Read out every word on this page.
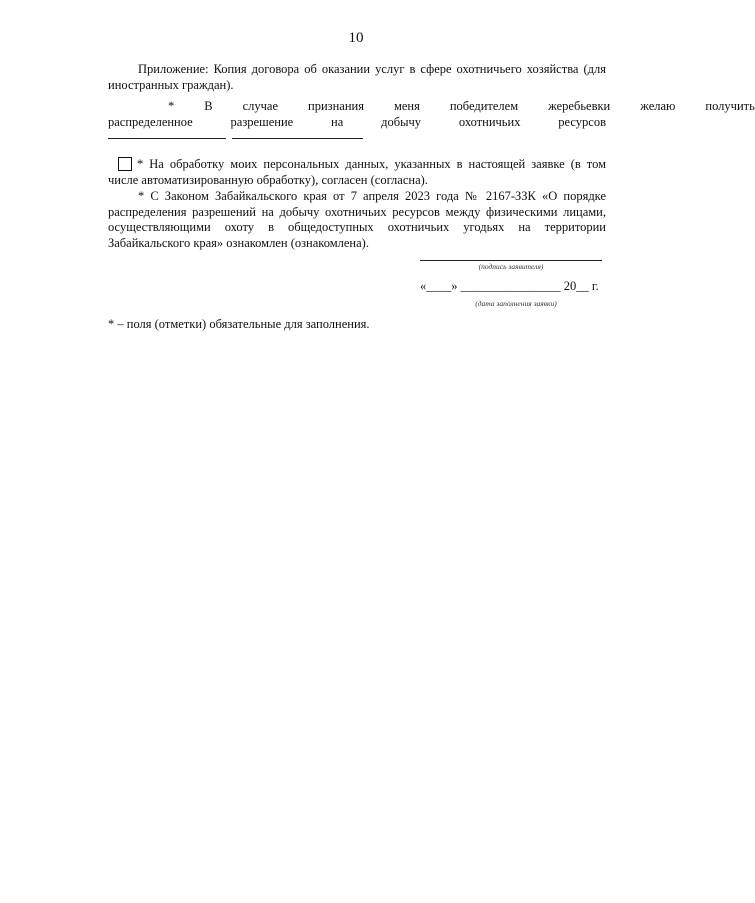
10
Приложение: Копия договора об оказании услуг в сфере охотничьего хозяйства (для иностранных граждан).
*	В	случае	признания	меня	победителем	жеребьевки	желаю	получить
распределенное	разрешение	на	добычу	охотничьих	ресурсов
* На обработку моих персональных данных, указанных в настоящей заявке (в том числе автоматизированную обработку), согласен (согласна).
* С Законом Забайкальского края от 7 апреля 2023 года № 2167-ЗЗК «О порядке распределения разрешений на добычу охотничьих ресурсов между физическими лицами, осуществляющими охоту в общедоступных охотничьих угодьях на территории Забайкальского края» ознакомлен (ознакомлена).
(подпись заявителя)
«____» ________________ 20__ г.
(дата заполнения заявки)
* – поля (отметки) обязательные для заполнения.
